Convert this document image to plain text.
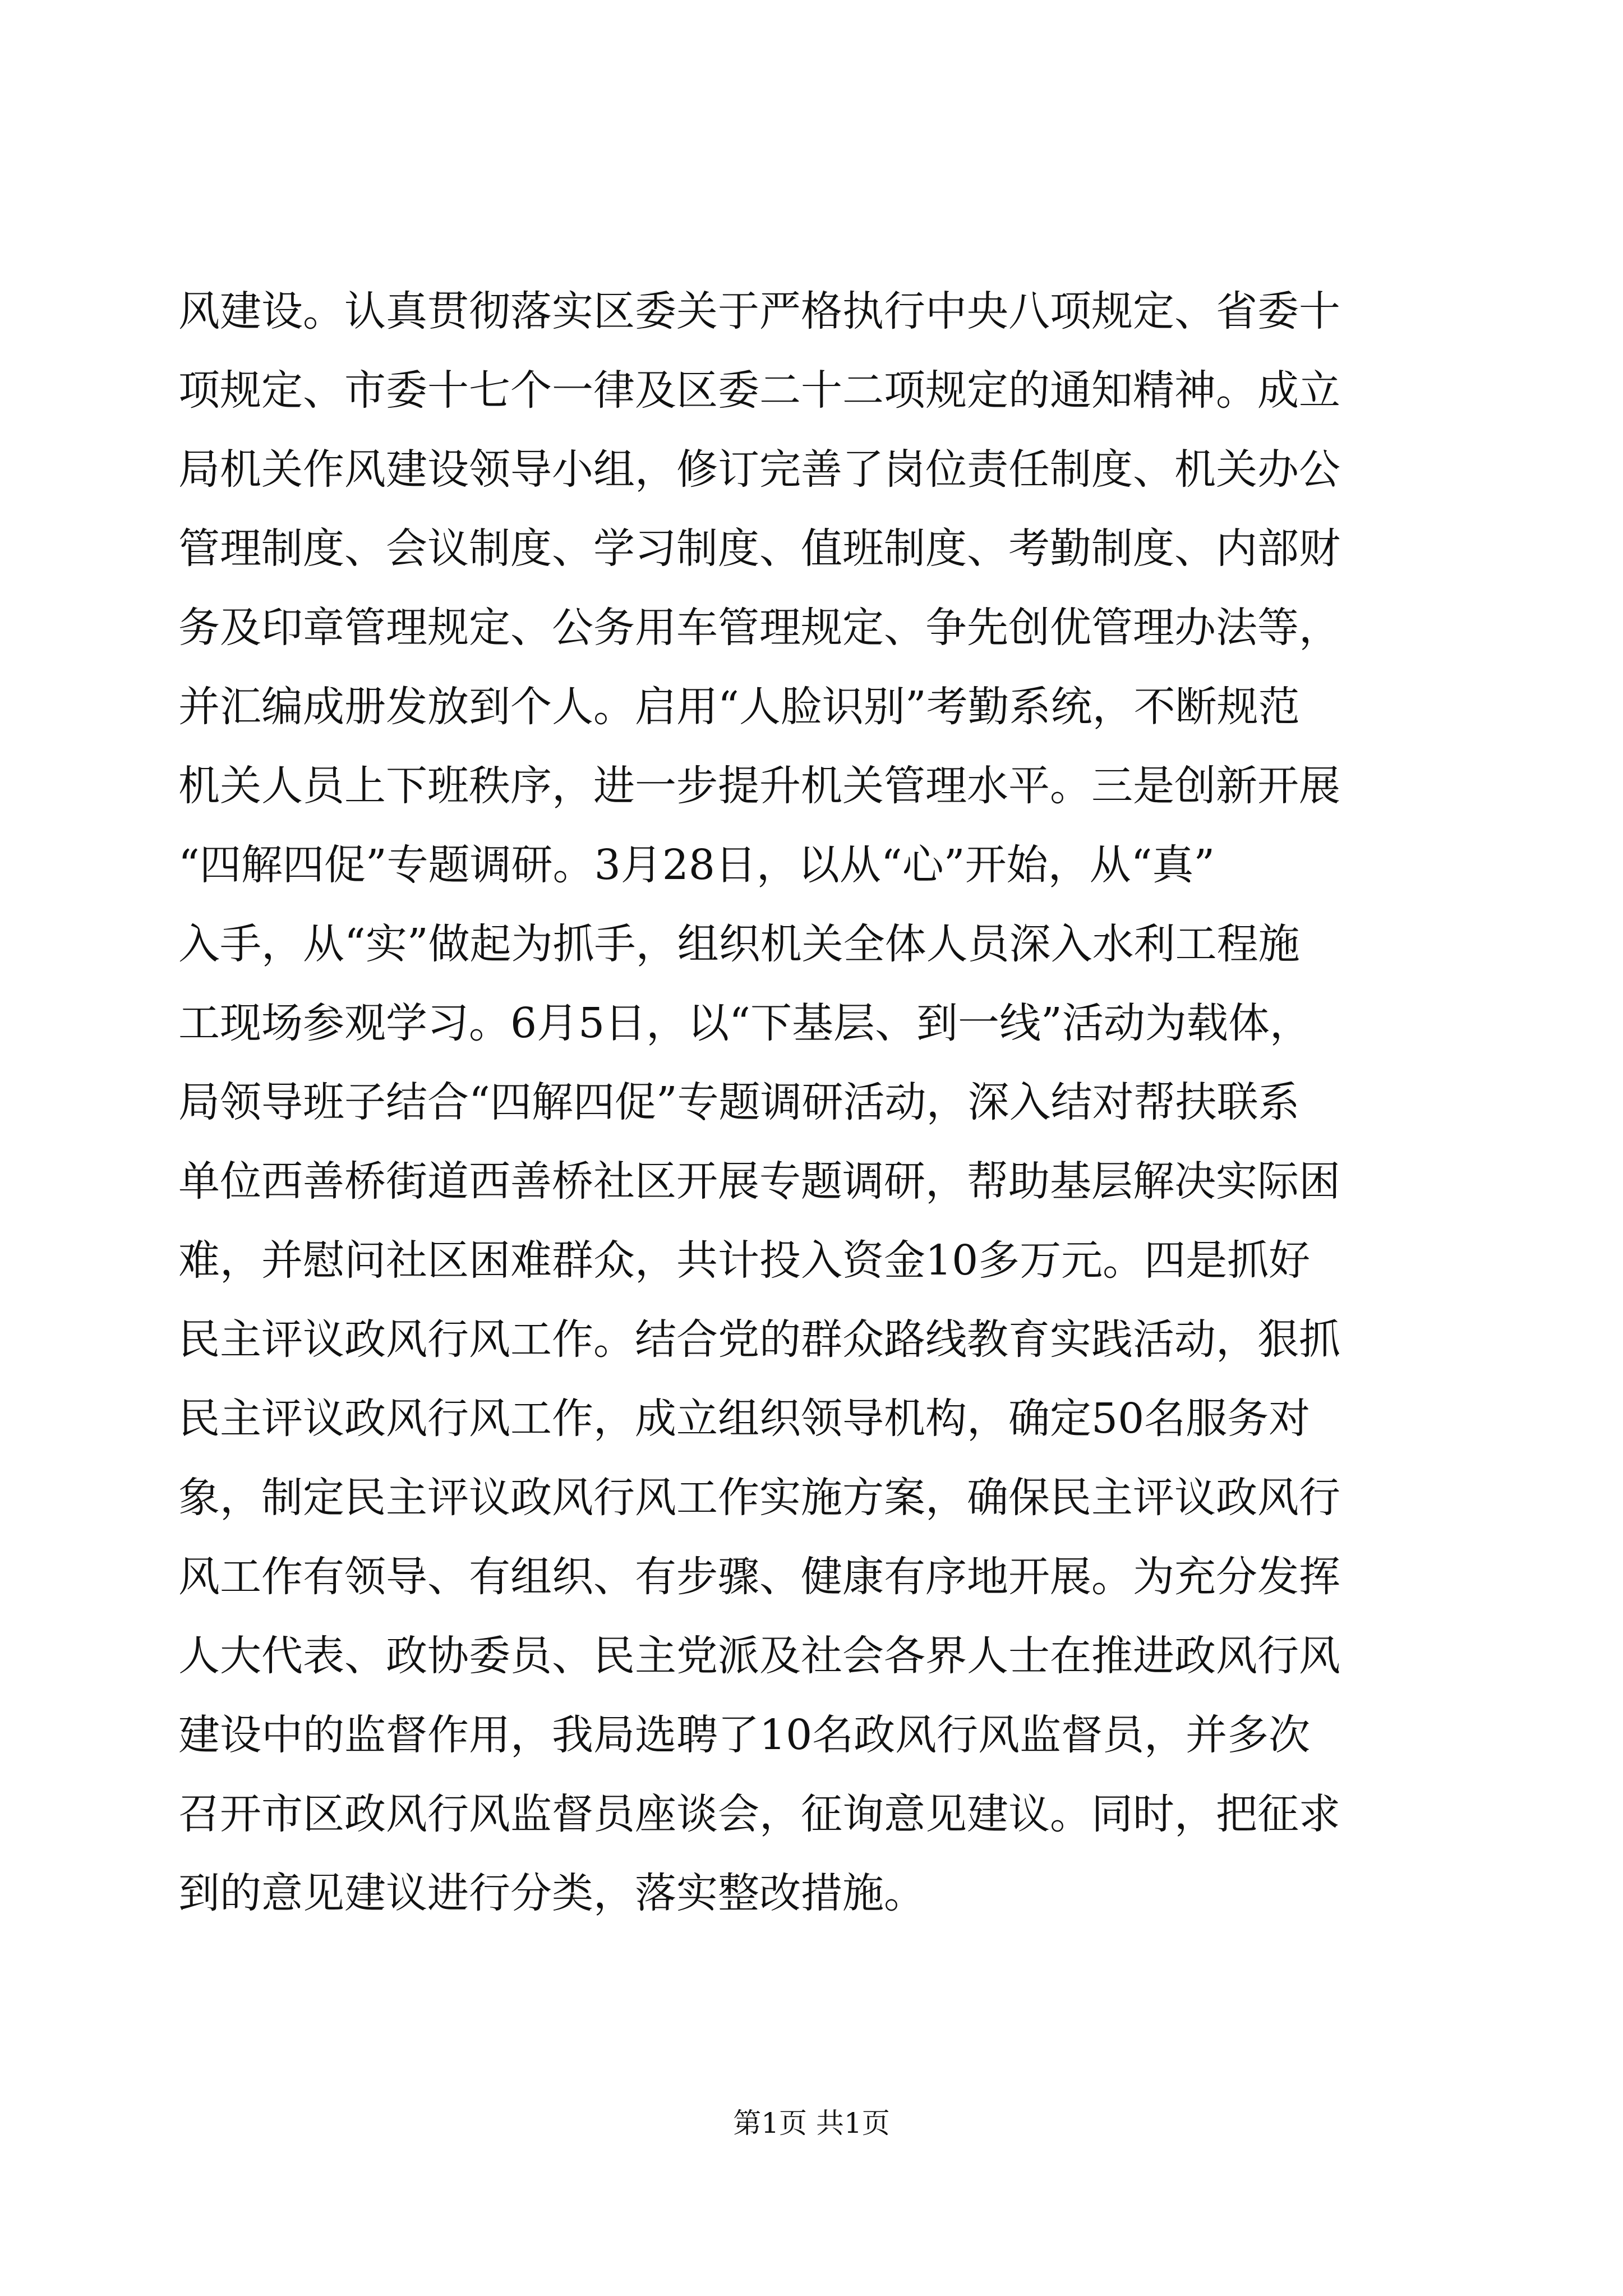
风建设。认真贯彻落实区委关于严格执行中央八项规定、省委十
项规定、市委十七个一律及区委二十二项规定的通知精神。成立
局机关作风建设领导小组，修订完善了岗位责任制度、机关办公
管理制度、会议制度、学习制度、值班制度、考勤制度、内部财
务及印章管理规定、公务用车管理规定、争先创优管理办法等，
并汇编成册发放到个人。启用“人脸识别”考勤系统，不断规范
机关人员上下班秩序，进一步提升机关管理水平。三是创新开展
“四解四促”专题调研。3月28日，以从“心”开始，从“真”
入手，从“实”做起为抓手，组织机关全体人员深入水利工程施
工现场参观学习。6月5日，以“下基层、到一线”活动为载体，
局领导班子结合“四解四促”专题调研活动，深入结对帮扶联系
单位西善桥街道西善桥社区开展专题调研，帮助基层解决实际困
难，并慰问社区困难群众，共计投入资金10多万元。四是抓好
民主评议政风行风工作。结合党的群众路线教育实践活动，狠抓
民主评议政风行风工作，成立组织领导机构，确定50名服务对
象，制定民主评议政风行风工作实施方案，确保民主评议政风行
风工作有领导、有组织、有步骤、健康有序地开展。为充分发挥
人大代表、政协委员、民主党派及社会各界人士在推进政风行风
建设中的监督作用，我局选聘了10名政风行风监督员，并多次
召开市区政风行风监督员座谈会，征询意见建议。同时，把征求
到的意见建议进行分类，落实整改措施。
第1页 共1页
